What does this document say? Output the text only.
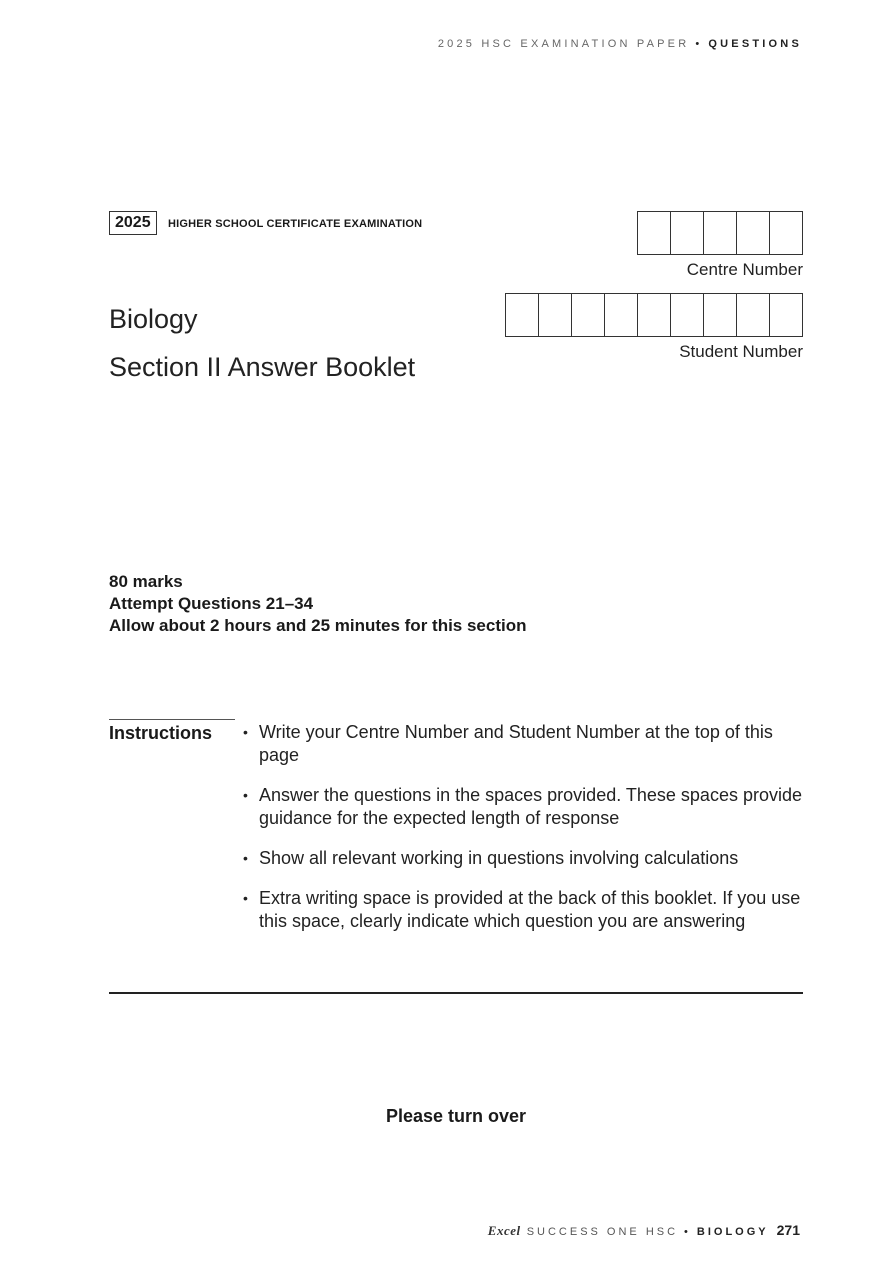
2025 HSC EXAMINATION PAPER • QUESTIONS
2025	HIGHER SCHOOL CERTIFICATE EXAMINATION
Centre Number
Student Number
Biology
Section II Answer Booklet
80 marks
Attempt Questions 21–34
Allow about 2 hours and 25 minutes for this section
Instructions • Write your Centre Number and Student Number at the top of this page
• Answer the questions in the spaces provided. These spaces provide guidance for the expected length of response
• Show all relevant working in questions involving calculations
• Extra writing space is provided at the back of this booklet. If you use this space, clearly indicate which question you are answering
Please turn over
Excel SUCCESS ONE HSC • BIOLOGY 271
